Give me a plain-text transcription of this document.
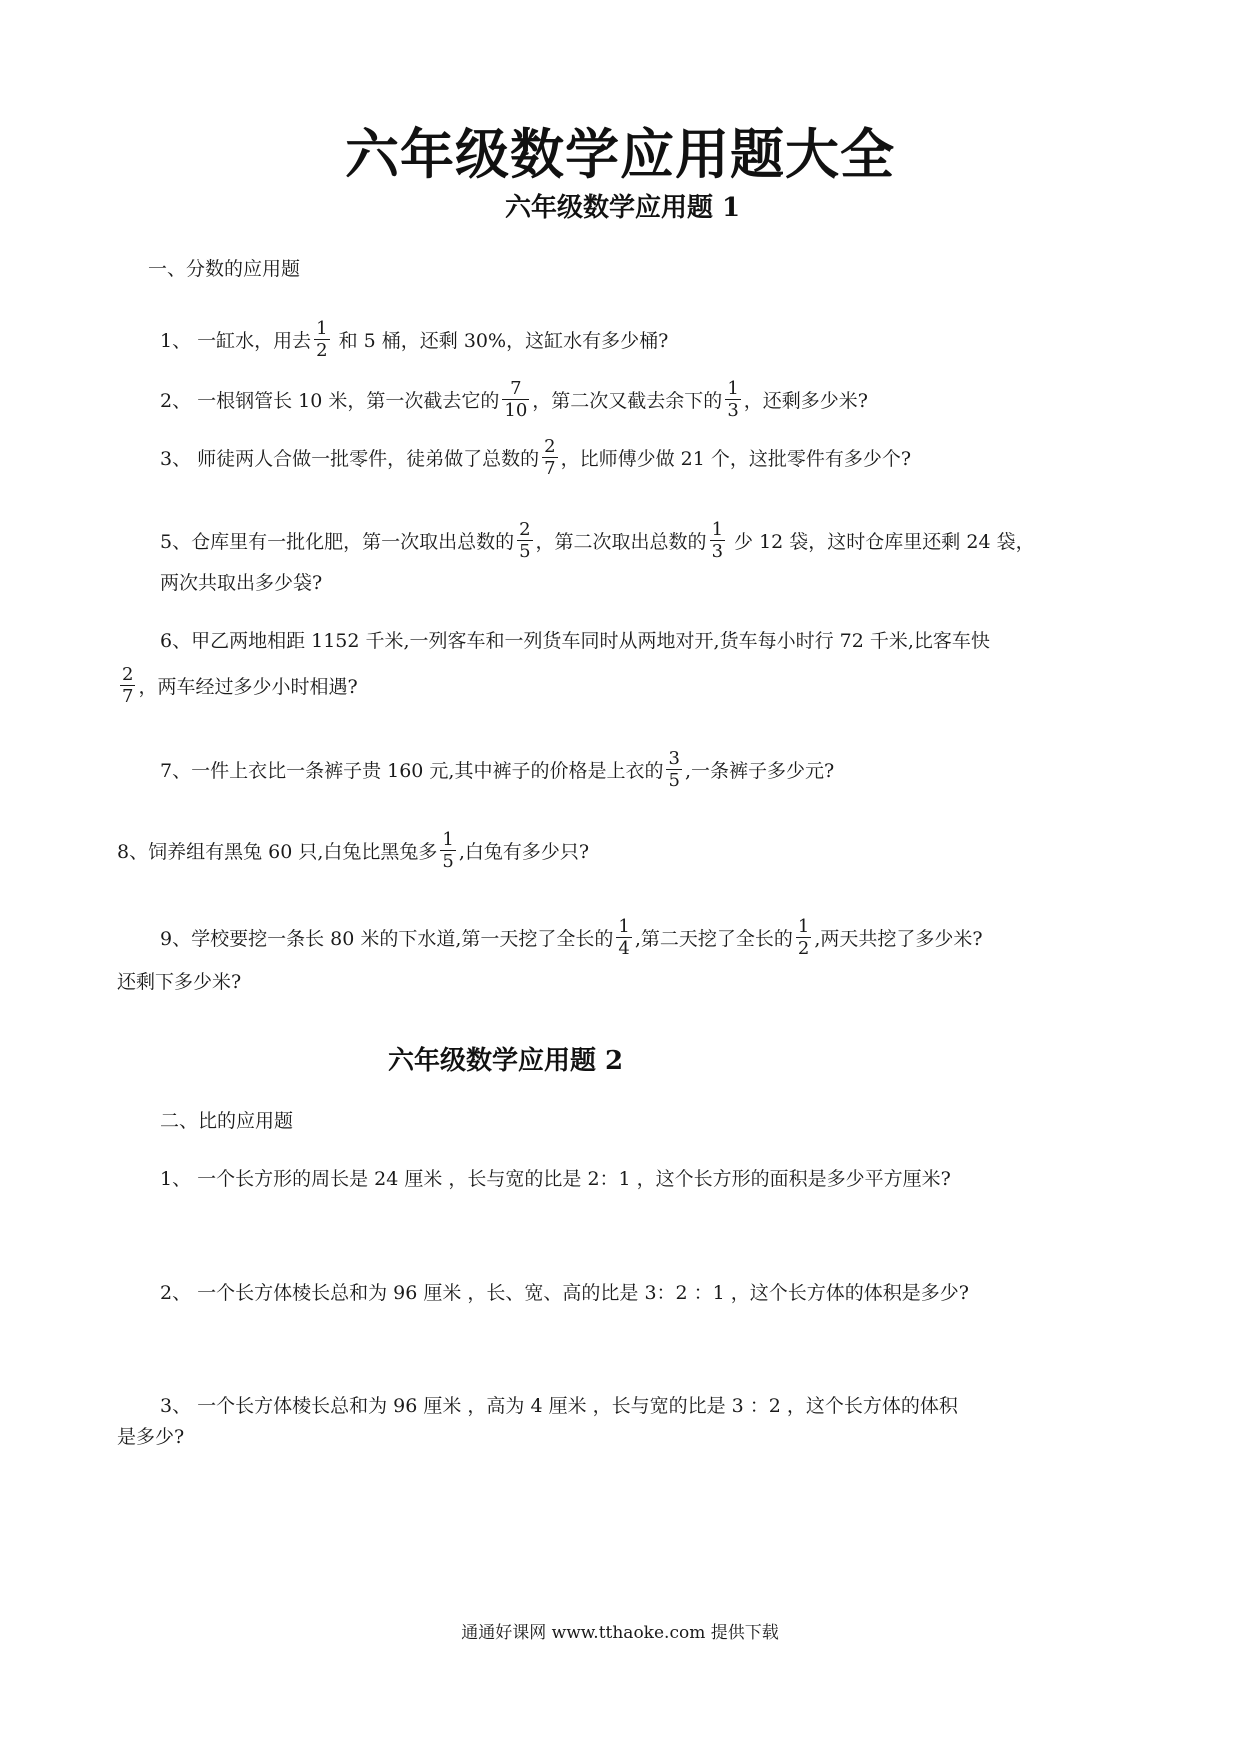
六年级数学应用题大全
六年级数学应用题 1
一、分数的应用题
1、 一缸水，用去 $\frac{1}{2}$ 和 5 桶，还剩 30%，这缸水有多少桶?
2、 一根钢管长 10 米，第一次截去它的 $\frac{7}{10}$ ，第二次又截去余下的 $\frac{1}{3}$ ，还剩多少米?
3、 师徒两人合做一批零件，徒弟做了总数的 $\frac{2}{7}$ ，比师傅少做 21 个，这批零件有多少个?
5、仓库里有一批化肥，第一次取出总数的 $\frac{2}{5}$ ，第二次取出总数的 $\frac{1}{3}$ 少 12 袋，这时仓库里还剩 24 袋，
两次共取出多少袋?
6、甲乙两地相距 1152 千米,一列客车和一列货车同时从两地对开,货车每小时行 72 千米,比客车快
$\frac{2}{7}$ ，两车经过多少小时相遇?
7、一件上衣比一条裤子贵 160 元,其中裤子的价格是上衣的 $\frac{3}{5}$ ,一条裤子多少元?
8、饲养组有黑兔 60 只,白兔比黑兔多 $\frac{1}{5}$ ,白兔有多少只?
9、学校要挖一条长 80 米的下水道,第一天挖了全长的 $\frac{1}{4}$ ,第二天挖了全长的 $\frac{1}{2}$ ,两天共挖了多少米?
还剩下多少米?
六年级数学应用题 2
二、比的应用题
1、 一个长方形的周长是 24 厘米 ，长与宽的比是 2：1 ，这个长方形的面积是多少平方厘米?
2、 一个长方体棱长总和为 96 厘米 ，长、宽、高的比是 3：2 ：1 ，这个长方体的体积是多少?
3、 一个长方体棱长总和为 96 厘米 ，高为 4 厘米 ，长与宽的比是 3 ：2 ，这个长方体的体积
是多少?
通通好课网 www.tthaoke.com 提供下载
